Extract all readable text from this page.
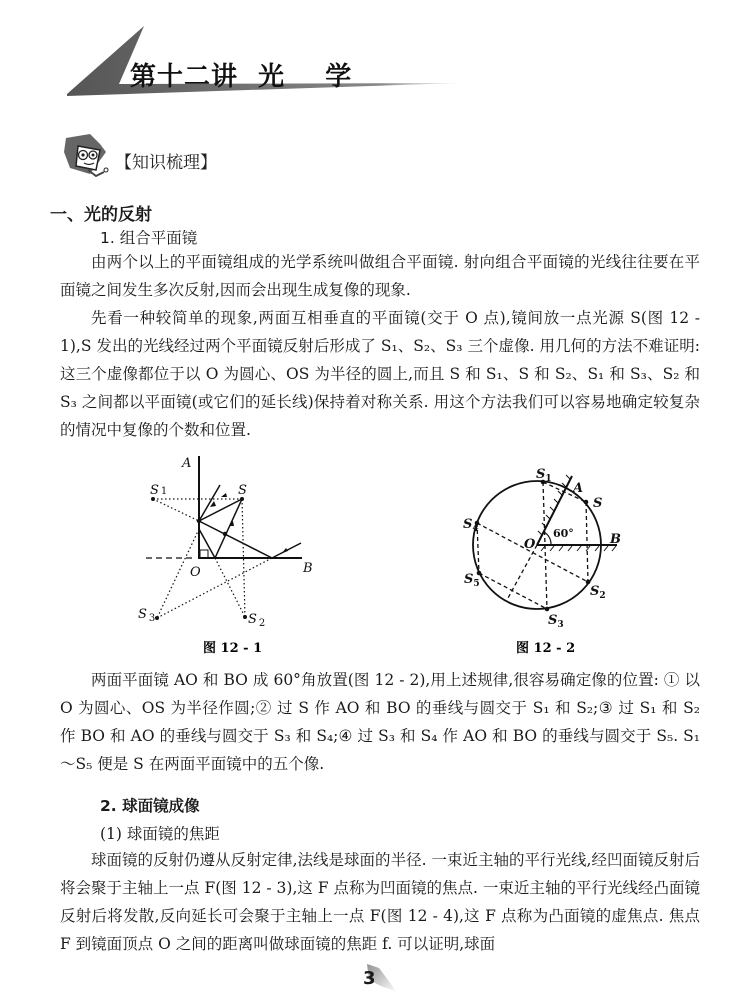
第十二讲  光    学
【知识梳理】
一、光的反射
1. 组合平面镜
由两个以上的平面镜组成的光学系统叫做组合平面镜. 射向组合平面镜的光线往往要在平面镜之间发生多次反射,因而会出现生成复像的现象.
先看一种较简单的现象,两面互相垂直的平面镜(交于 O 点),镜间放一点光源 S(图 12 - 1),S 发出的光线经过两个平面镜反射后形成了 S₁、S₂、S₃ 三个虚像. 用几何的方法不难证明: 这三个虚像都位于以 O 为圆心、OS 为半径的圆上,而且 S 和 S₁、S 和 S₂、S₁ 和 S₃、S₂ 和 S₃ 之间都以平面镜(或它们的延长线)保持着对称关系. 用这个方法我们可以容易地确定较复杂的情况中复像的个数和位置.
A
B
O
S
S 1
S $_2$
S $_3$
图 12 - 1
A
B
O
S
$S_1$
$S_2$
$S_3$
$S_4$
$S_5$
60°
图 12 - 2
两面平面镜 AO 和 BO 成 60°角放置(图 12 - 2),用上述规律,很容易确定像的位置: ① 以 O 为圆心、OS 为半径作圆;② 过 S 作 AO 和 BO 的垂线与圆交于 S₁ 和 S₂;③ 过 S₁ 和 S₂ 作 BO 和 AO 的垂线与圆交于 S₃ 和 S₄;④ 过 S₃ 和 S₄ 作 AO 和 BO 的垂线与圆交于 S₅. S₁～S₅ 便是 S 在两面平面镜中的五个像.
2. 球面镜成像
(1) 球面镜的焦距
球面镜的反射仍遵从反射定律,法线是球面的半径. 一束近主轴的平行光线,经凹面镜反射后将会聚于主轴上一点 F(图 12 - 3),这 F 点称为凹面镜的焦点. 一束近主轴的平行光线经凸面镜反射后将发散,反向延长可会聚于主轴上一点 F(图 12 - 4),这 F 点称为凸面镜的虚焦点. 焦点 F 到镜面顶点 O 之间的距离叫做球面镜的焦距 f. 可以证明,球面
3
